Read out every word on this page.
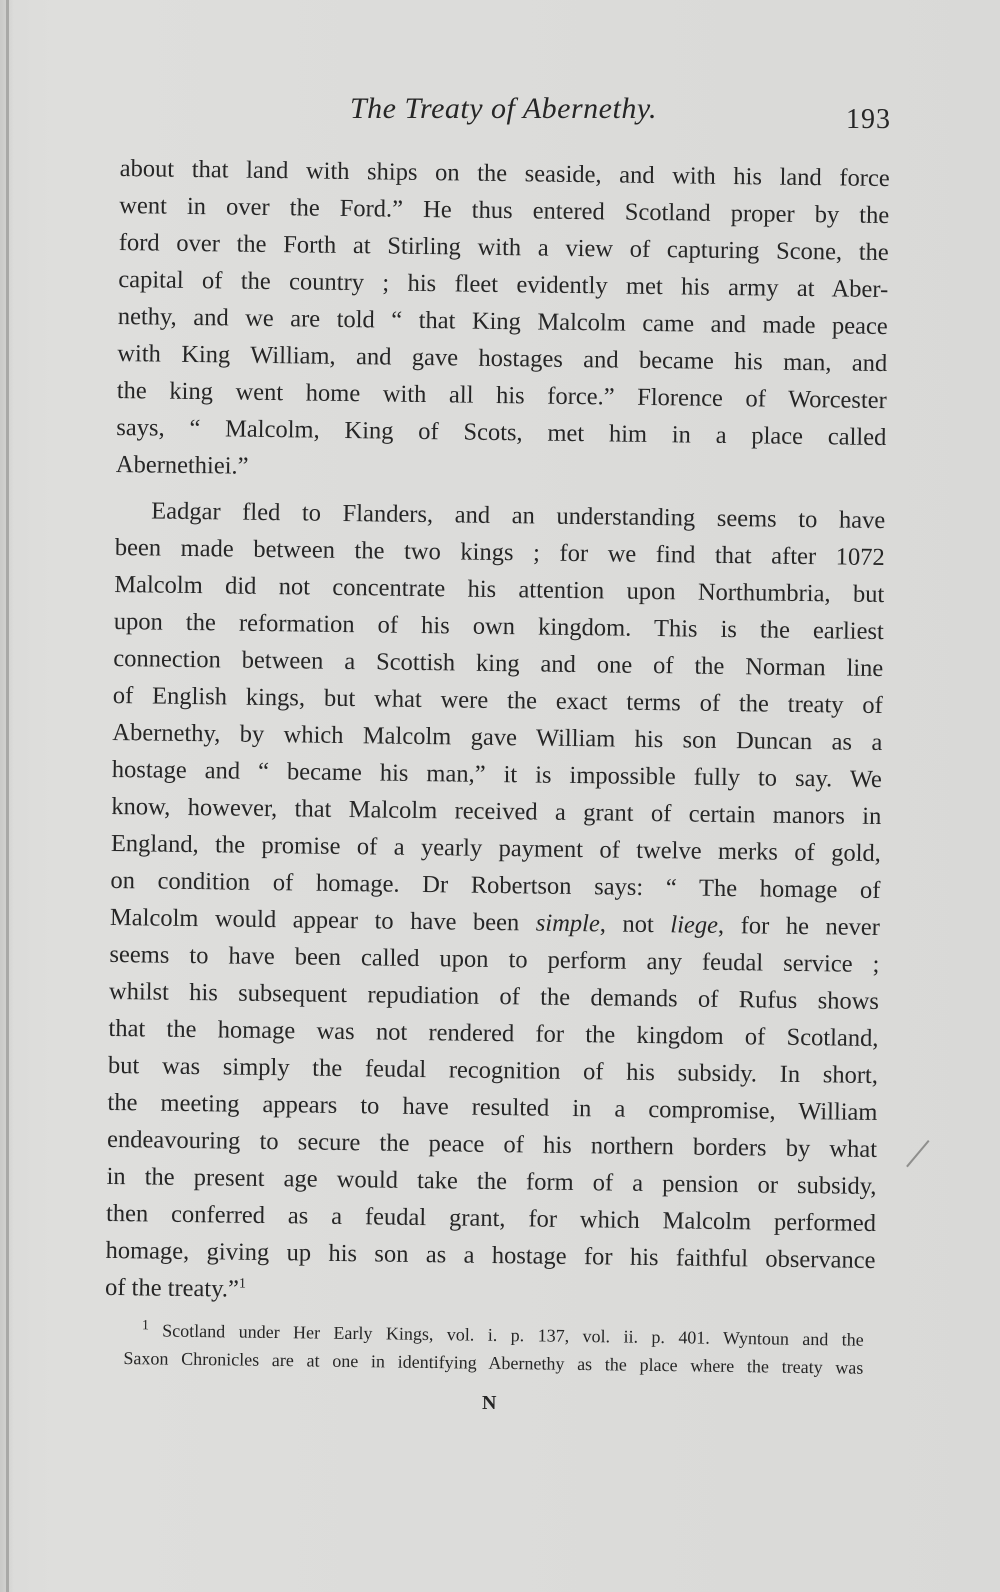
The Treaty of Abernethy.	193
about that land with ships on the seaside, and with his land force
went in over the Ford.” He thus entered Scotland proper by the
ford over the Forth at Stirling with a view of capturing Scone, the
capital of the country ; his fleet evidently met his army at Aber-
nethy, and we are told “ that King Malcolm came and made peace
with King William, and gave hostages and became his man, and
the king went home with all his force.” Florence of Worcester
says, “ Malcolm, King of Scots, met him in a place called
Abernethiei.”
Eadgar fled to Flanders, and an understanding seems to have
been made between the two kings ; for we find that after 1072
Malcolm did not concentrate his attention upon Northumbria, but
upon the reformation of his own kingdom. This is the earliest
connection between a Scottish king and one of the Norman line
of English kings, but what were the exact terms of the treaty of
Abernethy, by which Malcolm gave William his son Duncan as a
hostage and “ became his man,” it is impossible fully to say. We
know, however, that Malcolm received a grant of certain manors in
England, the promise of a yearly payment of twelve merks of gold,
on condition of homage. Dr Robertson says: “ The homage of
Malcolm would appear to have been simple, not liege, for he never
seems to have been called upon to perform any feudal service ;
whilst his subsequent repudiation of the demands of Rufus shows
that the homage was not rendered for the kingdom of Scotland,
but was simply the feudal recognition of his subsidy. In short,
the meeting appears to have resulted in a compromise, William
endeavouring to secure the peace of his northern borders by what
in the present age would take the form of a pension or subsidy,
then conferred as a feudal grant, for which Malcolm performed
homage, giving up his son as a hostage for his faithful observance
of the treaty.”$^1$
$^1$ Scotland under Her Early Kings, vol. i. p. 137, vol. ii. p. 401. Wyntoun and the
Saxon Chronicles are at one in identifying Abernethy as the place where the treaty was
N
